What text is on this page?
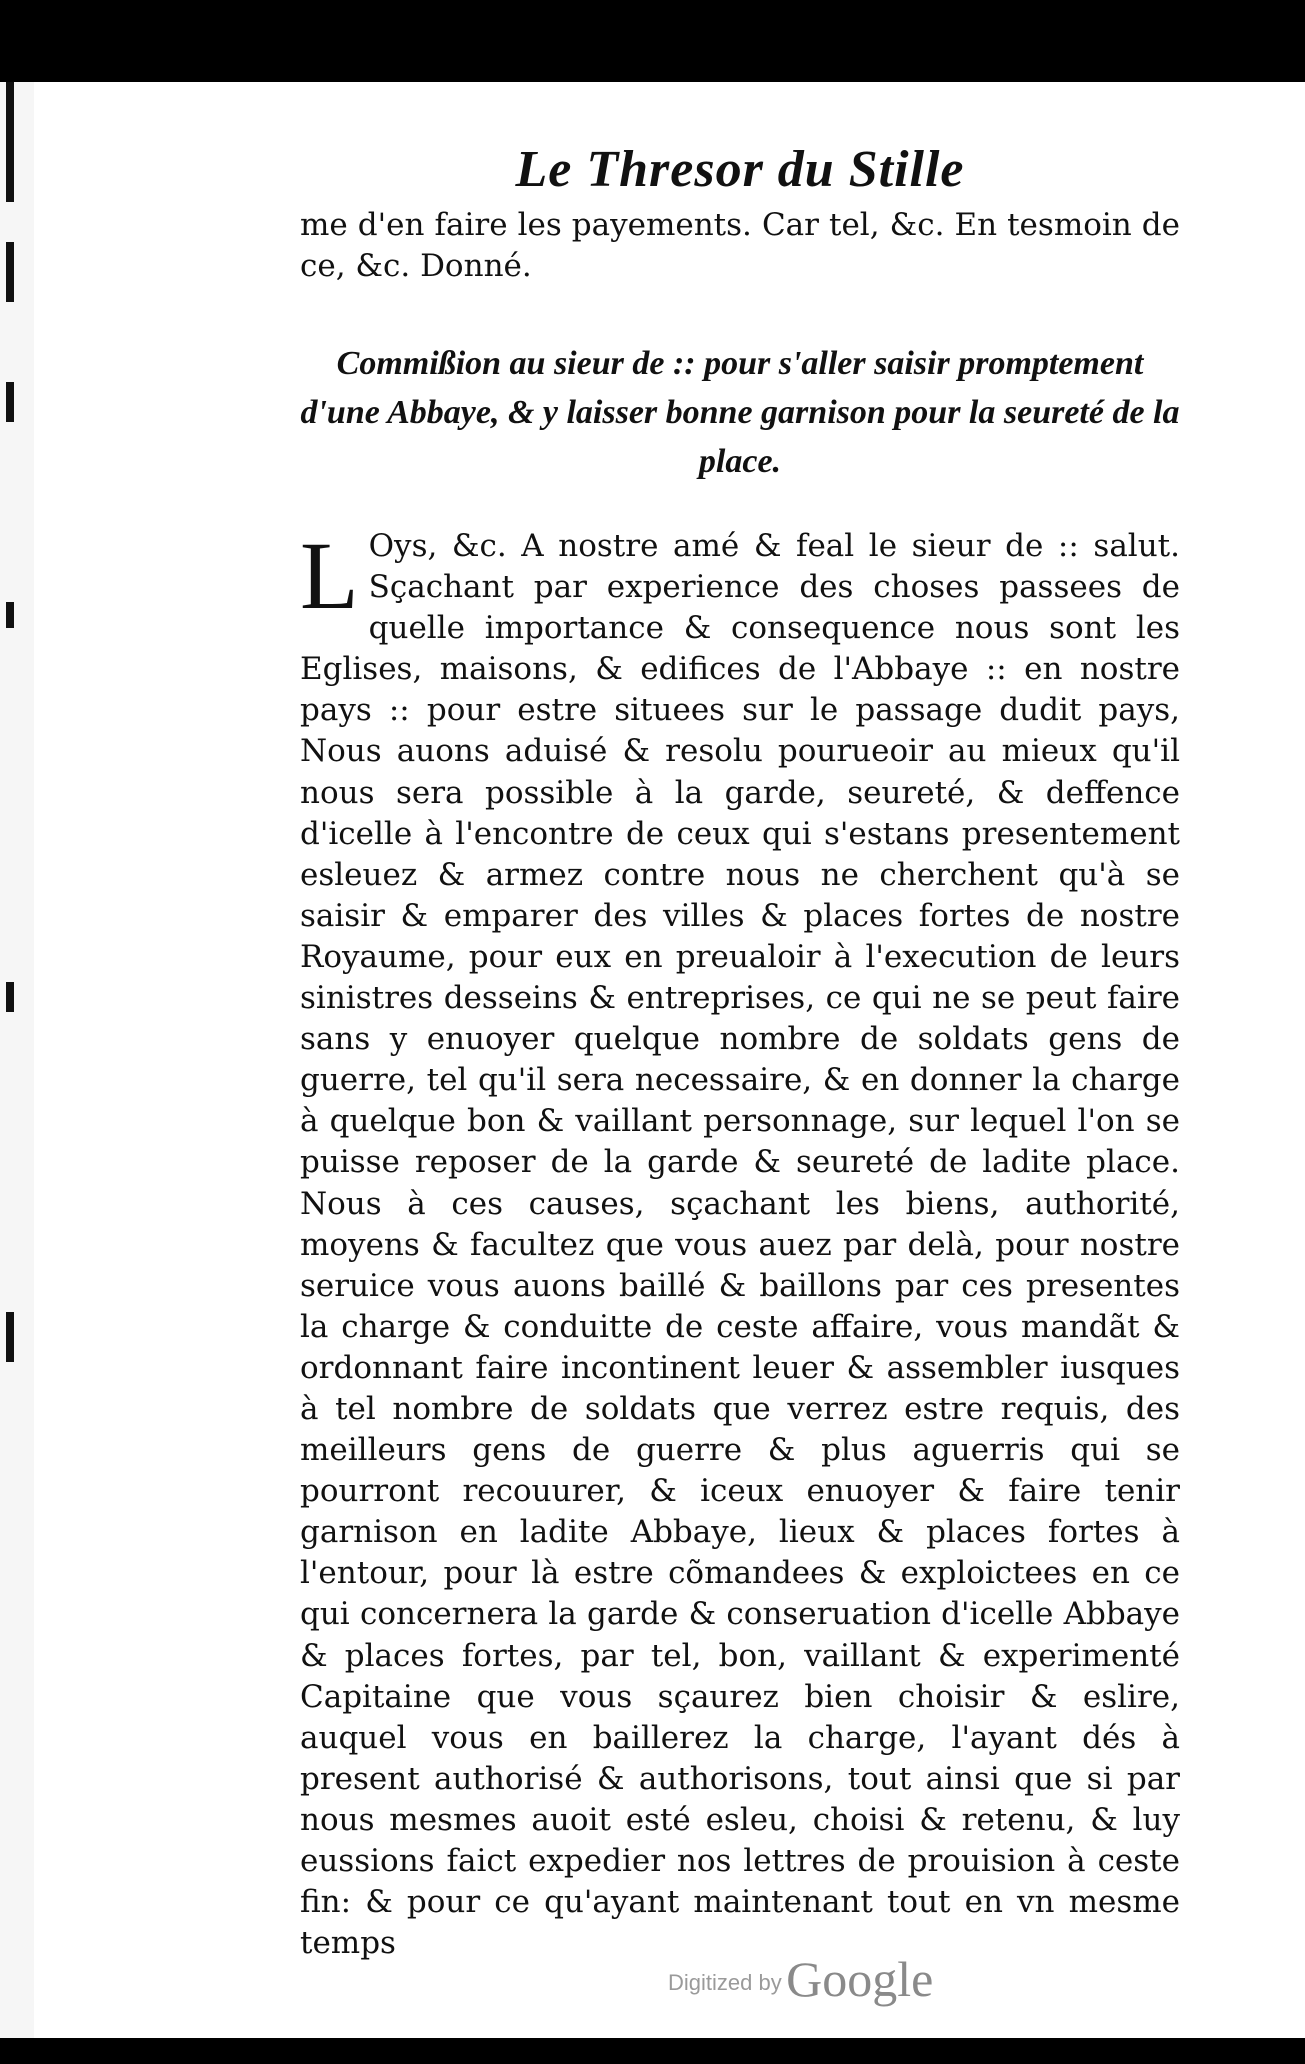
Le Thresor du Stille

me d'en faire les payements. Car tel, &c. En tesmoin de ce, &c. Donné.

Commißion au sieur de :: pour s'aller saisir promptement d'une Abbaye, & y laisser bonne garnison pour la seureté de la place.
L Oys, &c. A nostre amé & feal le sieur de :: salut. Sçachant par experience des choses passees de quelle importance & consequence nous sont les Eglises, maisons, & edifices de l'Abbaye :: en nostre pays :: pour estre situees sur le passage dudit pays, Nous auons aduisé & resolu pourueoir au mieux qu'il nous sera possible à la garde, seureté, & deffence d'icelle à l'encontre de ceux qui s'estans presentement esleuez & armez contre nous ne cherchent qu'à se saisir & emparer des villes & places fortes de nostre Royaume, pour eux en preualoir à l'execution de leurs sinistres desseins & entreprises, ce qui ne se peut faire sans y enuoyer quelque nombre de soldats gens de guerre, tel qu'il sera necessaire, & en donner la charge à quelque bon & vaillant personnage, sur lequel l'on se puisse reposer de la garde & seureté de ladite place. Nous à ces causes, sçachant les biens, authorité, moyens & facultez que vous auez par delà, pour nostre seruice vous auons baillé & baillons par ces presentes la charge & conduitte de ceste affaire, vous mandãt & ordonnant faire incontinent leuer & assembler iusques à tel nombre de soldats que verrez estre requis, des meilleurs gens de guerre & plus aguerris qui se pourront recouurer, & iceux enuoyer & faire tenir garnison en ladite Abbaye, lieux & places fortes à l'entour, pour là estre cõmandees & exploictees en ce qui concernera la garde & conseruation d'icelle Abbaye & places fortes, par tel, bon, vaillant & experimenté Capitaine que vous sçaurez bien choisir & eslire, auquel vous en baillerez la charge, l'ayant dés à present authorisé & authorisons, tout ainsi que si par nous mesmes auoit esté esleu, choisi & retenu, & luy eussions faict expedier nos lettres de prouision à ceste fin: & pour ce qu'ayant maintenant tout en vn mesme temps

Digitized by Google
